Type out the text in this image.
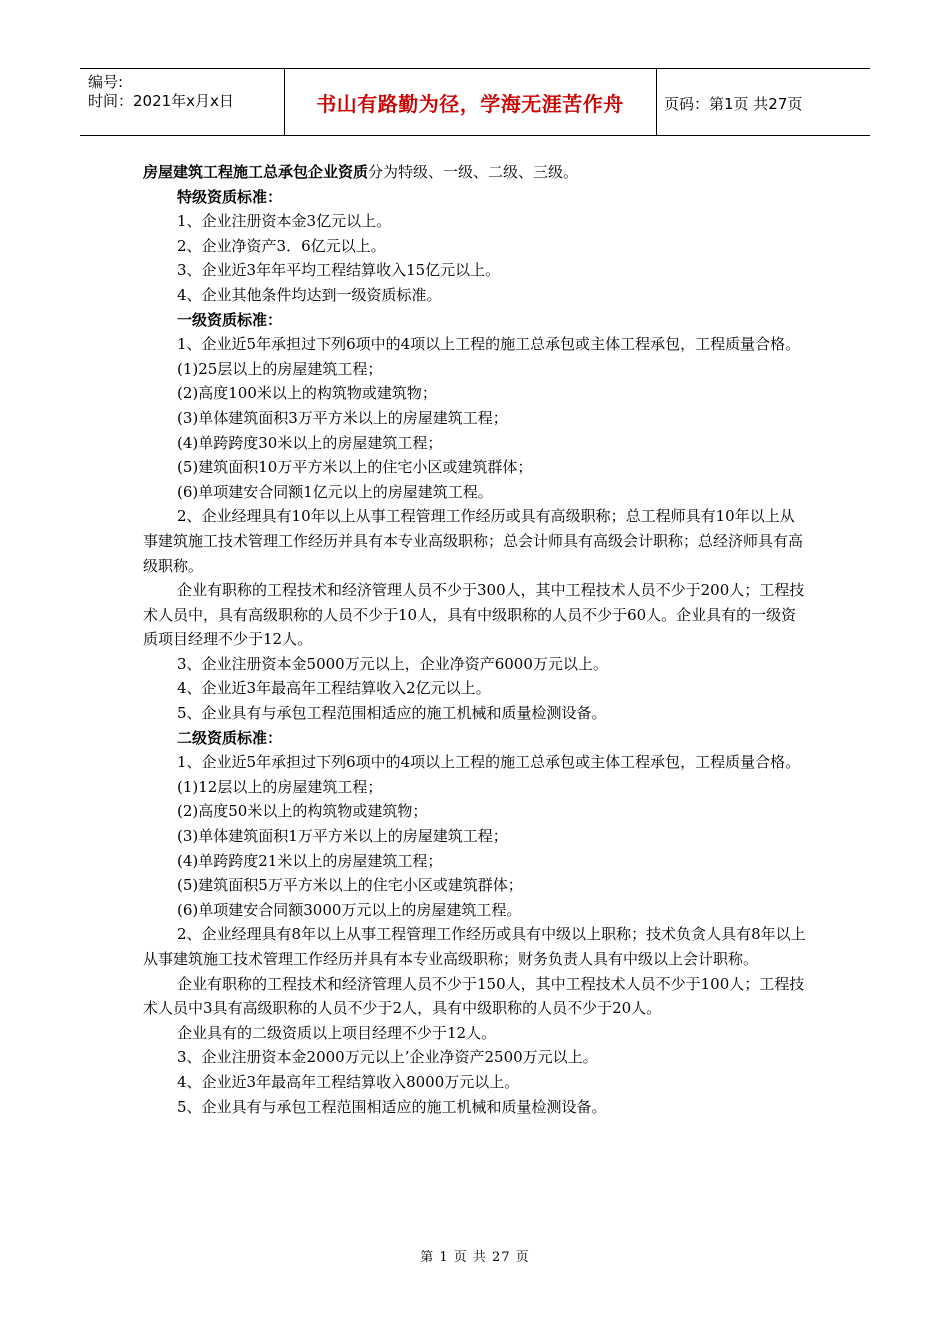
编号:
时间：2021年x月x日	书山有路勤为径，学海无涯苦作舟	页码：第1页 共27页

房屋建筑工程施工总承包企业资质分为特级、一级、二级、三级。

特级资质标准：

1、企业注册资本金3亿元以上。

2、企业净资产3．6亿元以上。

3、企业近3年年平均工程结算收入15亿元以上。

4、企业其他条件均达到一级资质标准。

一级资质标准：

1、企业近5年承担过下列6项中的4项以上工程的施工总承包或主体工程承包，工程质量合格。

(1)25层以上的房屋建筑工程；

(2)高度100米以上的构筑物或建筑物；

(3)单体建筑面积3万平方米以上的房屋建筑工程；

(4)单跨跨度30米以上的房屋建筑工程；

(5)建筑面积10万平方米以上的住宅小区或建筑群体；

(6)单项建安合同额1亿元以上的房屋建筑工程。

2、企业经理具有10年以上从事工程管理工作经历或具有高级职称；总工程师具有10年以上从事建筑施工技术管理工作经历并具有本专业高级职称；总会计师具有高级会计职称；总经济师具有高级职称。

企业有职称的工程技术和经济管理人员不少于300人，其中工程技术人员不少于200人；工程技术人员中，具有高级职称的人员不少于10人，具有中级职称的人员不少于60人。企业具有的一级资质项目经理不少于12人。

3、企业注册资本金5000万元以上，企业净资产6000万元以上。

4、企业近3年最高年工程结算收入2亿元以上。

5、企业具有与承包工程范围相适应的施工机械和质量检测设备。

二级资质标准：

1、企业近5年承担过下列6项中的4项以上工程的施工总承包或主体工程承包，工程质量合格。

(1)12层以上的房屋建筑工程；

(2)高度50米以上的构筑物或建筑物；

(3)单体建筑面积1万平方米以上的房屋建筑工程；

(4)单跨跨度21米以上的房屋建筑工程；

(5)建筑面积5万平方米以上的住宅小区或建筑群体；

(6)单项建安合同额3000万元以上的房屋建筑工程。

2、企业经理具有8年以上从事工程管理工作经历或具有中级以上职称；技术负贪人具有8年以上从事建筑施工技术管理工作经历并具有本专业高级职称；财务负责人具有中级以上会计职称。

企业有职称的工程技术和经济管理人员不少于150人，其中工程技术人员不少于100人；工程技术人员中3具有高级职称的人员不少于2人，具有中级职称的人员不少于20人。

企业具有的二级资质以上项目经理不少于12人。

3、企业注册资本金2000万元以上’企业净资产2500万元以上。

4、企业近3年最高年工程结算收入8000万元以上。

5、企业具有与承包工程范围相适应的施工机械和质量检测设备。

第 1 页 共 27 页
